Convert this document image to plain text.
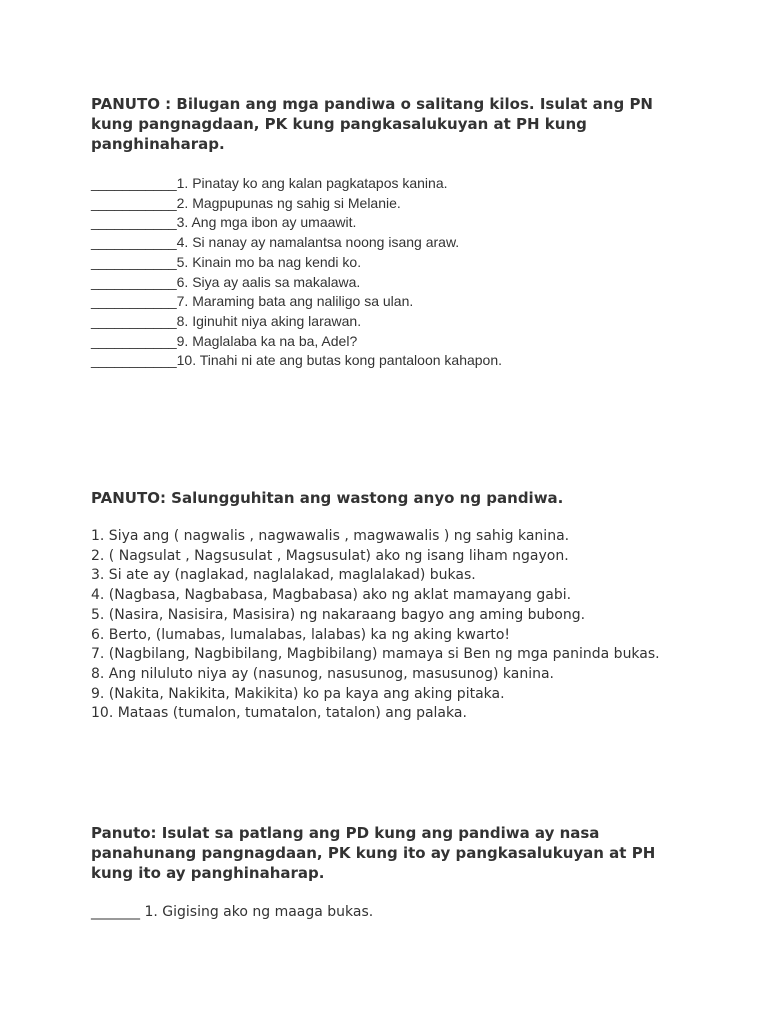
PANUTO : Bilugan ang mga pandiwa o salitang kilos. Isulat ang PN kung pangnagdaan, PK kung pangkasalukuyan at PH kung panghinaharap.

___________1. Pinatay ko ang kalan pagkatapos kanina.
___________2. Magpupunas ng sahig si Melanie.
___________3. Ang mga ibon ay umaawit.
___________4. Si nanay ay namalantsa noong isang araw.
___________5. Kinain mo ba nag kendi ko.
___________6. Siya ay aalis sa makalawa.
___________7. Maraming bata ang naliligo sa ulan.
___________8. Iginuhit niya aking larawan.
___________9. Maglalaba ka na ba, Adel?
___________10. Tinahi ni ate ang butas kong pantaloon kahapon.

PANUTO: Salungguhitan ang wastong anyo ng pandiwa.

1. Siya ang ( nagwalis , nagwawalis , magwawalis ) ng sahig kanina.
2. ( Nagsulat , Nagsusulat , Magsusulat) ako ng isang liham ngayon.
3. Si ate ay (naglakad, naglalakad, maglalakad) bukas.
4. (Nagbasa, Nagbabasa, Magbabasa) ako ng aklat mamayang gabi.
5. (Nasira, Nasisira, Masisira) ng nakaraang bagyo ang aming bubong.
6. Berto, (lumabas, lumalabas, lalabas) ka ng aking kwarto!
7. (Nagbilang, Nagbibilang, Magbibilang) mamaya si Ben ng mga paninda bukas.
8. Ang niluluto niya ay (nasunog, nasusunog, masusunog) kanina.
9. (Nakita, Nakikita, Makikita) ko pa kaya ang aking pitaka.
10. Mataas (tumalon, tumatalon, tatalon) ang palaka.

Panuto: Isulat sa patlang ang PD kung ang pandiwa ay nasa panahunang pangnagdaan, PK kung ito ay pangkasalukuyan at PH kung ito ay panghinaharap.

_______ 1. Gigising ako ng maaga bukas.
